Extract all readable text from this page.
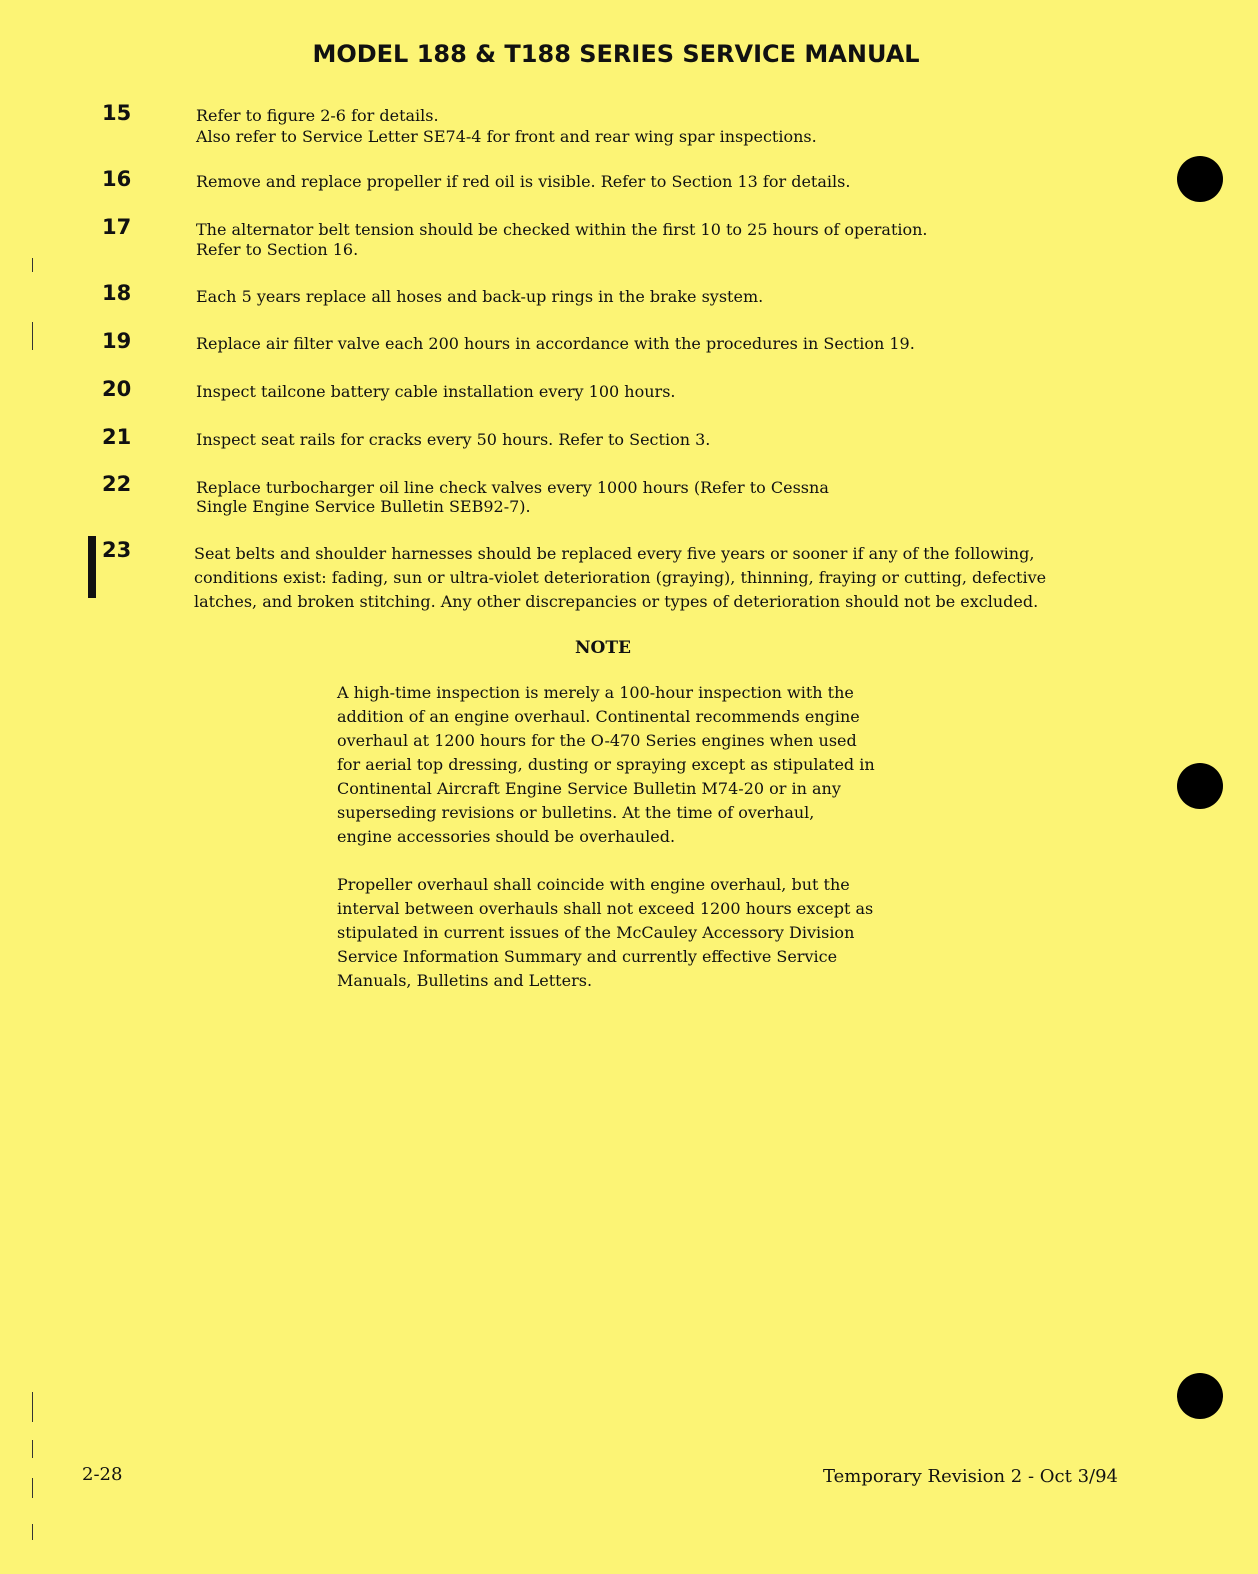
MODEL 188 & T188 SERIES SERVICE MANUAL
15	Refer to figure 2-6 for details.
Also refer to Service Letter SE74-4 for front and rear wing spar inspections.
16	Remove and replace propeller if red oil is visible. Refer to Section 13 for details.
17	The alternator belt tension should be checked within the first 10 to 25 hours of operation.
Refer to Section 16.
18	Each 5 years replace all hoses and back-up rings in the brake system.
19	Replace air filter valve each 200 hours in accordance with the procedures in Section 19.
20	Inspect tailcone battery cable installation every 100 hours.
21	Inspect seat rails for cracks every 50 hours. Refer to Section 3.
22	Replace turbocharger oil line check valves every 1000 hours (Refer to Cessna
Single Engine Service Bulletin SEB92-7).
23	Seat belts and shoulder harnesses should be replaced every five years or sooner if any of the following,
conditions exist: fading, sun or ultra-violet deterioration (graying), thinning, fraying or cutting, defective
latches, and broken stitching. Any other discrepancies or types of deterioration should not be excluded.
NOTE
A high-time inspection is merely a 100-hour inspection with the
addition of an engine overhaul. Continental recommends engine
overhaul at 1200 hours for the O-470 Series engines when used
for aerial top dressing, dusting or spraying except as stipulated in
Continental Aircraft Engine Service Bulletin M74-20 or in any
superseding revisions or bulletins. At the time of overhaul,
engine accessories should be overhauled.
Propeller overhaul shall coincide with engine overhaul, but the
interval between overhauls shall not exceed 1200 hours except as
stipulated in current issues of the McCauley Accessory Division
Service Information Summary and currently effective Service
Manuals, Bulletins and Letters.
2-28	Temporary Revision 2 - Oct 3/94
